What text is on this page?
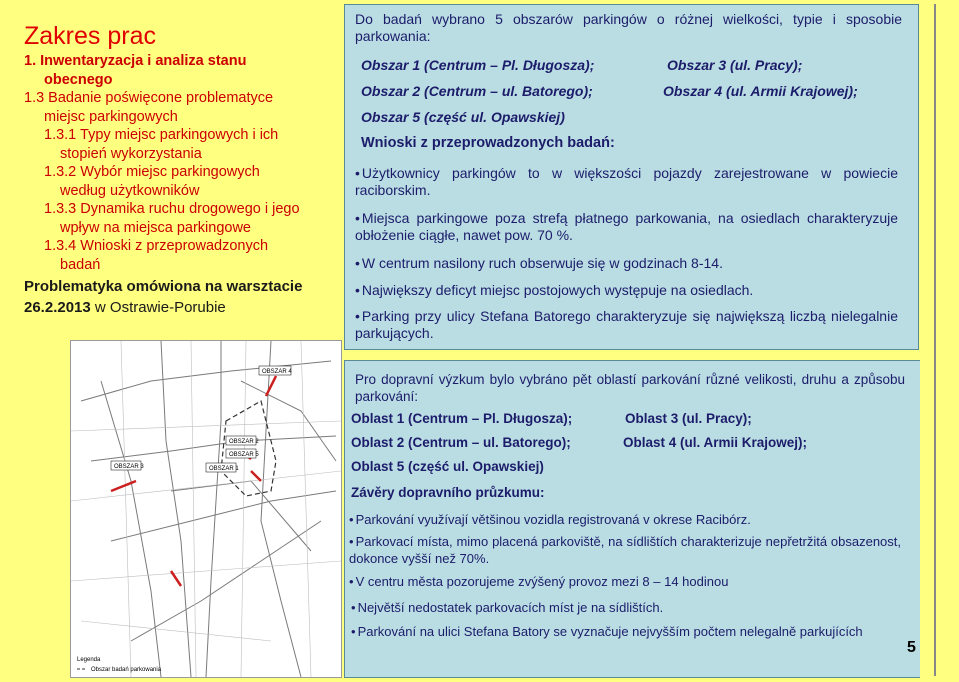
Zakres prac
1. Inwentaryzacja i analiza stanu
obecnego
1.3 Badanie poświęcone problematyce
miejsc parkingowych
1.3.1 Typy miejsc parkingowych i ich
stopień wykorzystania
1.3.2 Wybór miejsc parkingowych
według użytkowników
1.3.3 Dynamika ruchu drogowego i jego
wpływ na miejsca parkingowe
1.3.4 Wnioski z przeprowadzonych
badań
Problematyka omówiona na warsztacie
26.2.2013 w Ostrawie-Porubie
OBSZAR 4
OBSZAR 2
OBSZAR 3	OBSZAR 1
OBSZAR 5
Legenda
Obszar badań parkowania

Do badań wybrano 5 obszarów parkingów o różnej wielkości, typie i sposobie parkowania:

Obszar 1 (Centrum – Pl. Długosza);	Obszar 3 (ul. Pracy);
Obszar 2 (Centrum – ul. Batorego);	Obszar 4 (ul. Armii Krajowej);
Obszar 5 (część ul. Opawskiej)
Wnioski z przeprowadzonych badań:
• Użytkownicy parkingów to w większości pojazdy zarejestrowane w powiecie raciborskim.
• Miejsca parkingowe poza strefą płatnego parkowania, na osiedlach charakteryzuje obłożenie ciągłe, nawet pow. 70 %.
• W centrum nasilony ruch obserwuje się w godzinach 8-14.
• Największy deficyt miejsc postojowych występuje na osiedlach.
• Parking przy ulicy Stefana Batorego charakteryzuje się największą liczbą nielegalnie parkujących.

Pro dopravní výzkum bylo vybráno pět oblastí parkování různé velikosti, druhu a způsobu parkování:

Oblast 1 (Centrum – Pl. Długosza);	Oblast 3 (ul. Pracy);
Oblast 2 (Centrum – ul. Batorego);	Oblast 4 (ul. Armii Krajowej);
Oblast 5 (część ul. Opawskiej)
Závěry dopravního průzkumu:
• Parkování využívají většinou vozidla registrovaná v okrese Racibórz.
• Parkovací místa, mimo placená parkoviště, na sídlištích charakterizuje nepřetržitá obsazenost, dokonce vyšší než 70%.
• V centru města pozorujeme zvýšený provoz mezi 8 – 14 hodinou
• Největší nedostatek parkovacích míst je na sídlištích.
• Parkování na ulici Stefana Batory se vyznačuje nejvyšším počtem nelegalně parkujících
5
